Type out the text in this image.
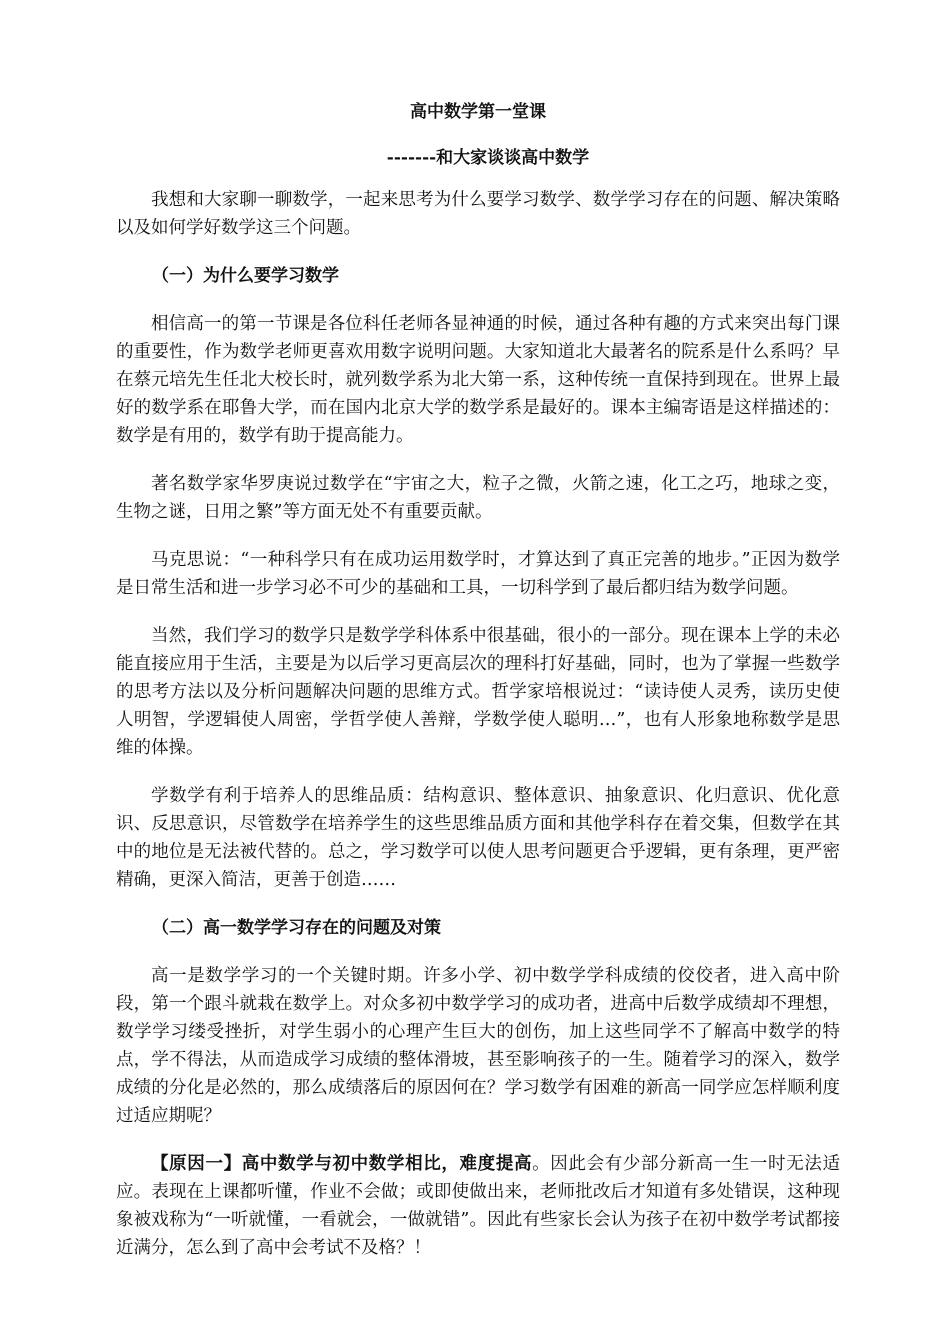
高中数学第一堂课

-------和大家谈谈高中数学

我想和大家聊一聊数学，一起来思考为什么要学习数学、数学学习存在的问题、解决策略以及如何学好数学这三个问题。

（一）为什么要学习数学

相信高一的第一节课是各位科任老师各显神通的时候，通过各种有趣的方式来突出每门课的重要性，作为数学老师更喜欢用数字说明问题。大家知道北大最著名的院系是什么系吗？早在蔡元培先生任北大校长时，就列数学系为北大第一系，这种传统一直保持到现在。世界上最好的数学系在耶鲁大学，而在国内北京大学的数学系是最好的。课本主编寄语是这样描述的：数学是有用的，数学有助于提高能力。

著名数学家华罗庚说过数学在“宇宙之大，粒子之微，火箭之速，化工之巧，地球之变，生物之谜，日用之繁”等方面无处不有重要贡献。

马克思说：“一种科学只有在成功运用数学时，才算达到了真正完善的地步。”正因为数学是日常生活和进一步学习必不可少的基础和工具，一切科学到了最后都归结为数学问题。

当然，我们学习的数学只是数学学科体系中很基础，很小的一部分。现在课本上学的未必能直接应用于生活，主要是为以后学习更高层次的理科打好基础，同时，也为了掌握一些数学的思考方法以及分析问题解决问题的思维方式。哲学家培根说过：“读诗使人灵秀，读历史使人明智，学逻辑使人周密，学哲学使人善辩，学数学使人聪明…”，也有人形象地称数学是思维的体操。

学数学有利于培养人的思维品质：结构意识、整体意识、抽象意识、化归意识、优化意识、反思意识，尽管数学在培养学生的这些思维品质方面和其他学科存在着交集，但数学在其中的地位是无法被代替的。总之，学习数学可以使人思考问题更合乎逻辑，更有条理，更严密精确，更深入简洁，更善于创造……

（二）高一数学学习存在的问题及对策

高一是数学学习的一个关键时期。许多小学、初中数学学科成绩的佼佼者，进入高中阶段，第一个跟斗就栽在数学上。对众多初中数学学习的成功者，进高中后数学成绩却不理想，数学学习缕受挫折，对学生弱小的心理产生巨大的创伤，加上这些同学不了解高中数学的特点，学不得法，从而造成学习成绩的整体滑坡，甚至影响孩子的一生。随着学习的深入，数学成绩的分化是必然的，那么成绩落后的原因何在？学习数学有困难的新高一同学应怎样顺利度过适应期呢？

【原因一】高中数学与初中数学相比，难度提高。因此会有少部分新高一生一时无法适应。表现在上课都听懂，作业不会做；或即使做出来，老师批改后才知道有多处错误，这种现象被戏称为“一听就懂，一看就会，一做就错”。因此有些家长会认为孩子在初中数学考试都接近满分，怎么到了高中会考试不及格？！
